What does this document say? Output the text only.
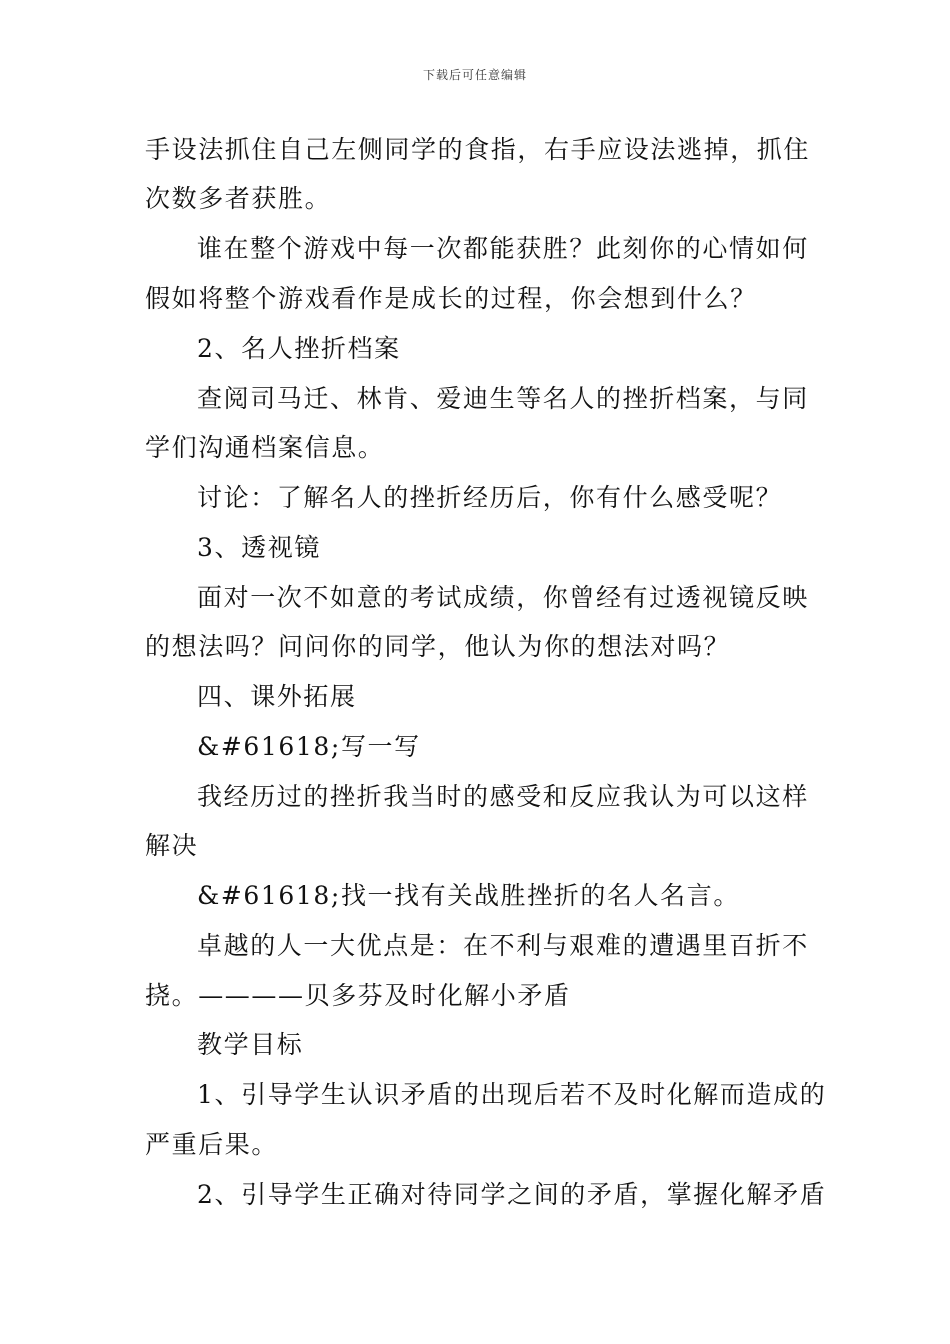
下载后可任意编辑
手设法抓住自己左侧同学的食指，右手应设法逃掉，抓住
次数多者获胜。
谁在整个游戏中每一次都能获胜？此刻你的心情如何
假如将整个游戏看作是成长的过程，你会想到什么？
2、名人挫折档案
查阅司马迁、林肯、爱迪生等名人的挫折档案，与同
学们沟通档案信息。
讨论：了解名人的挫折经历后，你有什么感受呢？
3、透视镜
面对一次不如意的考试成绩，你曾经有过透视镜反映
的想法吗？问问你的同学，他认为你的想法对吗？
四、课外拓展
&#61618;写一写
我经历过的挫折我当时的感受和反应我认为可以这样
解决
&#61618;找一找有关战胜挫折的名人名言。
卓越的人一大优点是：在不利与艰难的遭遇里百折不
挠。————贝多芬及时化解小矛盾
教学目标
1、引导学生认识矛盾的出现后若不及时化解而造成的
严重后果。
2、引导学生正确对待同学之间的矛盾，掌握化解矛盾
